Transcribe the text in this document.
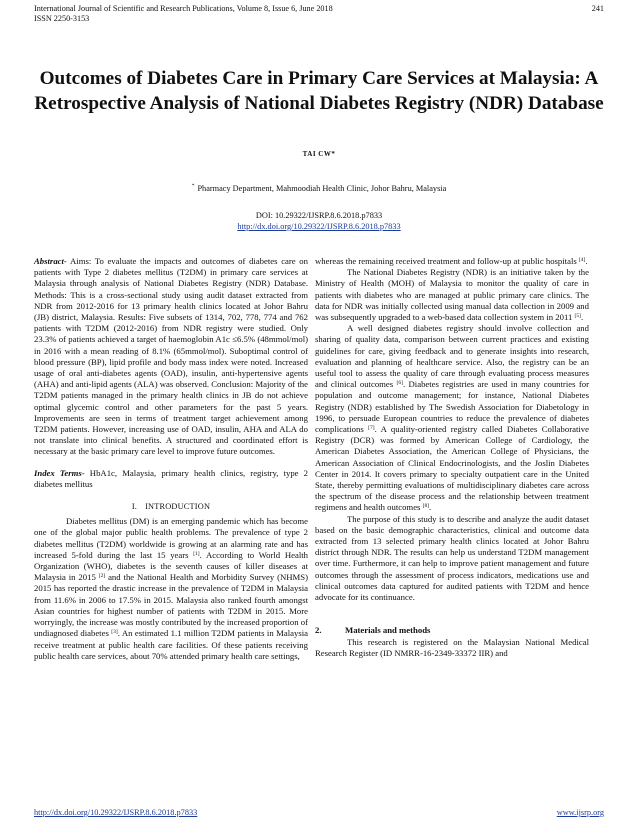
International Journal of Scientific and Research Publications, Volume 8, Issue 6, June 2018
ISSN 2250-3153
241
Outcomes of Diabetes Care in Primary Care Services at Malaysia: A Retrospective Analysis of National Diabetes Registry (NDR) Database
TAI CW*
* Pharmacy Department, Mahmoodiah Health Clinic, Johor Bahru, Malaysia
DOI: 10.29322/IJSRP.8.6.2018.p7833
http://dx.doi.org/10.29322/IJSRP.8.6.2018.p7833

Abstract- Aims: To evaluate the impacts and outcomes of diabetes care on patients with Type 2 diabetes mellitus (T2DM) in primary care services at Malaysia through analysis of National Diabetes Registry (NDR) Database. Methods: This is a cross-sectional study using audit dataset extracted from NDR from 2012-2016 for 13 primary health clinics located at Johor Bahru (JB) district, Malaysia. Results: Five subsets of 1314, 702, 778, 774 and 762 patients with T2DM (2012-2016) from NDR registry were studied. Only 23.3% of patients achieved a target of haemoglobin A1c ≤6.5% (48mmol/mol) in 2016 with a mean reading of 8.1% (65mmol/mol). Suboptimal control of blood pressure (BP), lipid profile and body mass index were noted. Increased usage of oral anti-diabetes agents (OAD), insulin, anti-hypertensive agents (AHA) and anti-lipid agents (ALA) was observed. Conclusion: Majority of the T2DM patients managed in the primary health clinics in JB do not achieve optimal glycemic control and other parameters for the past 5 years. Improvements are seen in terms of treatment target achievement among T2DM patients. However, increasing use of OAD, insulin, AHA and ALA do not translate into clinical benefits. A structured and coordinated effort is necessary at the basic primary care level to improve future outcomes.

Index Terms- HbA1c, Malaysia, primary health clinics, registry, type 2 diabetes mellitus

I. INTRODUCTION

Diabetes mellitus (DM) is an emerging pandemic which has become one of the global major public health problems. The prevalence of type 2 diabetes mellitus (T2DM) worldwide is growing at an alarming rate and has increased 5-fold during the last 15 years [1]. According to World Health Organization (WHO), diabetes is the seventh causes of killer diseases at Malaysia in 2015 [2] and the National Health and Morbidity Survey (NHMS) 2015 has reported the drastic increase in the prevalence of T2DM in Malaysia from 11.6% in 2006 to 17.5% in 2015. Malaysia also ranked fourth amongst Asian countries for highest number of patients with T2DM in 2015. More worryingly, the increase was mostly contributed by the increased proportion of undiagnosed diabetes [3]. An estimated 1.1 million T2DM patients in Malaysia receive treatment at public health care facilities. Of these patients receiving public health care services, about 70% attended primary health care settings,

whereas the remaining received treatment and follow-up at public hospitals [4].

The National Diabetes Registry (NDR) is an initiative taken by the Ministry of Health (MOH) of Malaysia to monitor the quality of care in patients with diabetes who are managed at public primary care clinics. The data for NDR was initially collected using manual data collection in 2009 and was subsequently upgraded to a web-based data collection system in 2011 [5].

A well designed diabetes registry should involve collection and sharing of quality data, comparison between current practices and existing guidelines for care, giving feedback and to generate insights into research, evaluation and planning of healthcare service. Also, the registry can be an useful tool to assess the quality of care through evaluating process measures and clinical outcomes [6]. Diabetes registries are used in many countries for population and outcome management; for instance, National Diabetes Registry (NDR) established by The Swedish Association for Diabetology in 1996, to persuade European countries to reduce the prevalence of diabetes complications [7]. A quality-oriented registry called Diabetes Collaborative Registry (DCR) was formed by American College of Cardiology, the American Diabetes Association, the American College of Physicians, the American Association of Clinical Endocrinologists, and the Joslin Diabetes Center in 2014. It covers primary to specialty outpatient care in the United State, thereby permitting evaluations of multidisciplinary diabetes care across the spectrum of the disease process and the relationship between treatment regimens and health outcomes [8].

The purpose of this study is to describe and analyze the audit dataset based on the basic demographic characteristics, clinical and outcome data extracted from 13 selected primary health clinics located at Johor Bahru district through NDR. The results can help us understand T2DM management over time. Furthermore, it can help to improve patient management and future outcomes through the assessment of process indicators, medications use and clinical outcomes data captured for audited patients with T2DM and hence advocate for its continuance.

2.	Materials and methods

This research is registered on the Malaysian National Medical Research Register (ID NMRR-16-2349-33372 IIR) and

http://dx.doi.org/10.29322/IJSRP.8.6.2018.p7833	www.ijsrp.org
